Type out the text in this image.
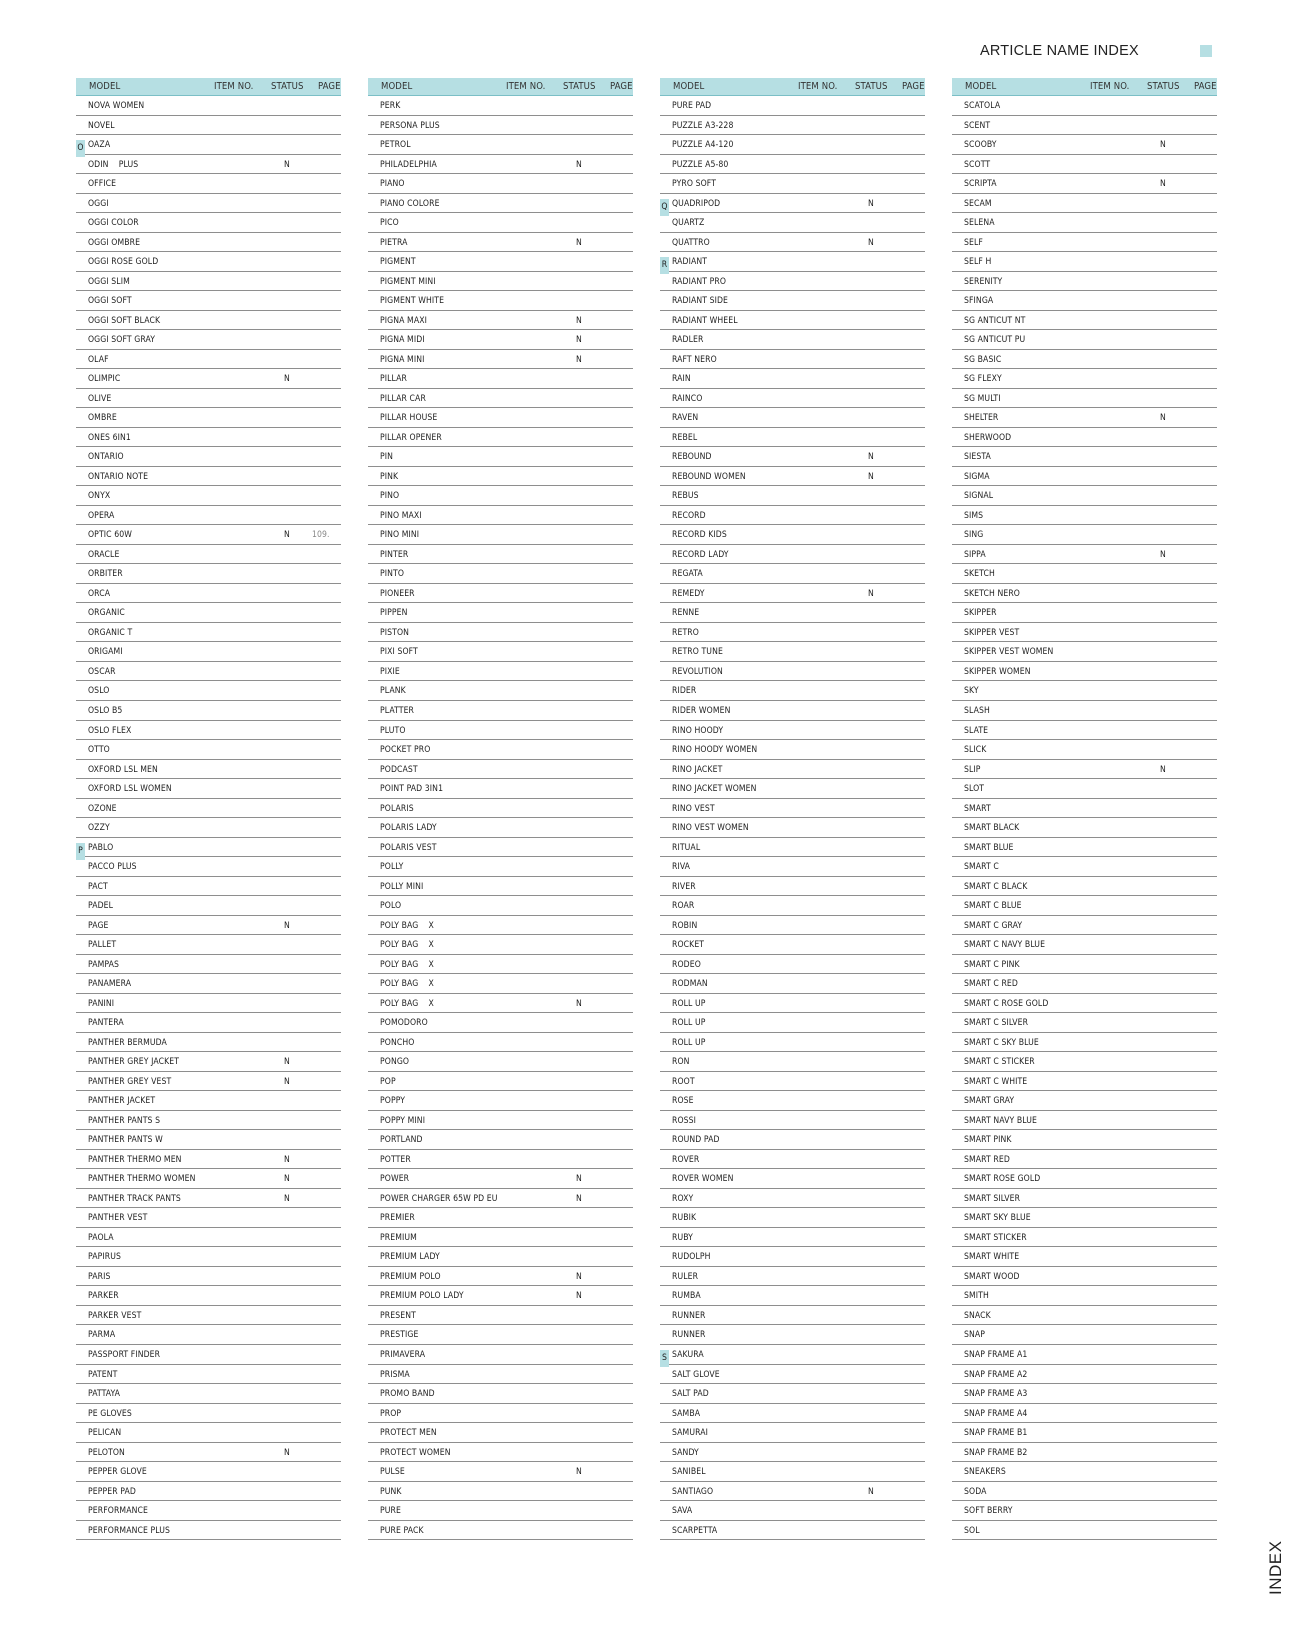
ARTICLE NAME INDEX
INDEX
MODEL	ITEM NO. STATUS PAGE
NOVA WOMEN
NOVEL
O OAZA
ODIN    PLUS	N
OFFICE
OGGI
OGGI COLOR
OGGI OMBRE
OGGI ROSE GOLD
OGGI SLIM
OGGI SOFT
OGGI SOFT BLACK
OGGI SOFT GRAY
OLAF
OLIMPIC	N
OLIVE
OMBRE
ONES 6IN1
ONTARIO
ONTARIO NOTE
ONYX
OPERA
OPTIC 60W	N	109.
ORACLE
ORBITER
ORCA
ORGANIC
ORGANIC T
ORIGAMI
OSCAR
OSLO
OSLO B5
OSLO FLEX
OTTO
OXFORD LSL MEN
OXFORD LSL WOMEN
OZONE
OZZY
P PABLO
PACCO PLUS
PACT
PADEL
PAGE	N
PALLET
PAMPAS
PANAMERA
PANINI
PANTERA
PANTHER BERMUDA
PANTHER GREY JACKET	N
PANTHER GREY VEST	N
PANTHER JACKET
PANTHER PANTS S
PANTHER PANTS W
PANTHER THERMO MEN	N
PANTHER THERMO WOMEN	N
PANTHER TRACK PANTS	N
PANTHER VEST
PAOLA
PAPIRUS
PARIS
PARKER
PARKER VEST
PARMA
PASSPORT FINDER
PATENT
PATTAYA
PE GLOVES
PELICAN
PELOTON	N
PEPPER GLOVE
PEPPER PAD
PERFORMANCE
PERFORMANCE PLUS
MODEL	ITEM NO. STATUS PAGE
PERK
PERSONA PLUS
PETROL
PHILADELPHIA	N
PIANO
PIANO COLORE
PICO
PIETRA	N
PIGMENT
PIGMENT MINI
PIGMENT WHITE
PIGNA MAXI	N
PIGNA MIDI	N
PIGNA MINI	N
PILLAR
PILLAR CAR
PILLAR HOUSE
PILLAR OPENER
PIN
PINK
PINO
PINO MAXI
PINO MINI
PINTER
PINTO
PIONEER
PIPPEN
PISTON
PIXI SOFT
PIXIE
PLANK
PLATTER
PLUTO
POCKET PRO
PODCAST
POINT PAD 3IN1
POLARIS
POLARIS LADY
POLARIS VEST
POLLY
POLLY MINI
POLO
POLY BAG    X
POLY BAG    X
POLY BAG    X
POLY BAG    X
POLY BAG    X	N
POMODORO
PONCHO
PONGO
POP
POPPY
POPPY MINI
PORTLAND
POTTER
POWER	N
POWER CHARGER 65W PD EU	N
PREMIER
PREMIUM
PREMIUM LADY
PREMIUM POLO	N
PREMIUM POLO LADY	N
PRESENT
PRESTIGE
PRIMAVERA
PRISMA
PROMO BAND
PROP
PROTECT MEN
PROTECT WOMEN
PULSE	N
PUNK
PURE
PURE PACK
MODEL	ITEM NO. STATUS PAGE
PURE PAD
PUZZLE A3-228
PUZZLE A4-120
PUZZLE A5-80
PYRO SOFT
Q QUADRIPOD	N
QUARTZ
QUATTRO	N
R RADIANT
RADIANT PRO
RADIANT SIDE
RADIANT WHEEL
RADLER
RAFT NERO
RAIN
RAINCO
RAVEN
REBEL
REBOUND	N
REBOUND WOMEN	N
REBUS
RECORD
RECORD KIDS
RECORD LADY
REGATA
REMEDY	N
RENNE
RETRO
RETRO TUNE
REVOLUTION
RIDER
RIDER WOMEN
RINO HOODY
RINO HOODY WOMEN
RINO JACKET
RINO JACKET WOMEN
RINO VEST
RINO VEST WOMEN
RITUAL
RIVA
RIVER
ROAR
ROBIN
ROCKET
RODEO
RODMAN
ROLL UP
ROLL UP
ROLL UP
RON
ROOT
ROSE
ROSSI
ROUND PAD
ROVER
ROVER WOMEN
ROXY
RUBIK
RUBY
RUDOLPH
RULER
RUMBA
RUNNER
RUNNER
S SAKURA
SALT GLOVE
SALT PAD
SAMBA
SAMURAI
SANDY
SANIBEL
SANTIAGO	N
SAVA
SCARPETTA
MODEL	ITEM NO. STATUS PAGE
SCATOLA
SCENT
SCOOBY	N
SCOTT
SCRIPTA	N
SECAM
SELENA
SELF
SELF H
SERENITY
SFINGA
SG ANTICUT NT
SG ANTICUT PU
SG BASIC
SG FLEXY
SG MULTI
SHELTER	N
SHERWOOD
SIESTA
SIGMA
SIGNAL
SIMS
SING
SIPPA	N
SKETCH
SKETCH NERO
SKIPPER
SKIPPER VEST
SKIPPER VEST WOMEN
SKIPPER WOMEN
SKY
SLASH
SLATE
SLICK
SLIP	N
SLOT
SMART
SMART BLACK
SMART BLUE
SMART C
SMART C BLACK
SMART C BLUE
SMART C GRAY
SMART C NAVY BLUE
SMART C PINK
SMART C RED
SMART C ROSE GOLD
SMART C SILVER
SMART C SKY BLUE
SMART C STICKER
SMART C WHITE
SMART GRAY
SMART NAVY BLUE
SMART PINK
SMART RED
SMART ROSE GOLD
SMART SILVER
SMART SKY BLUE
SMART STICKER
SMART WHITE
SMART WOOD
SMITH
SNACK
SNAP
SNAP FRAME A1
SNAP FRAME A2
SNAP FRAME A3
SNAP FRAME A4
SNAP FRAME B1
SNAP FRAME B2
SNEAKERS
SODA
SOFT BERRY
SOL
